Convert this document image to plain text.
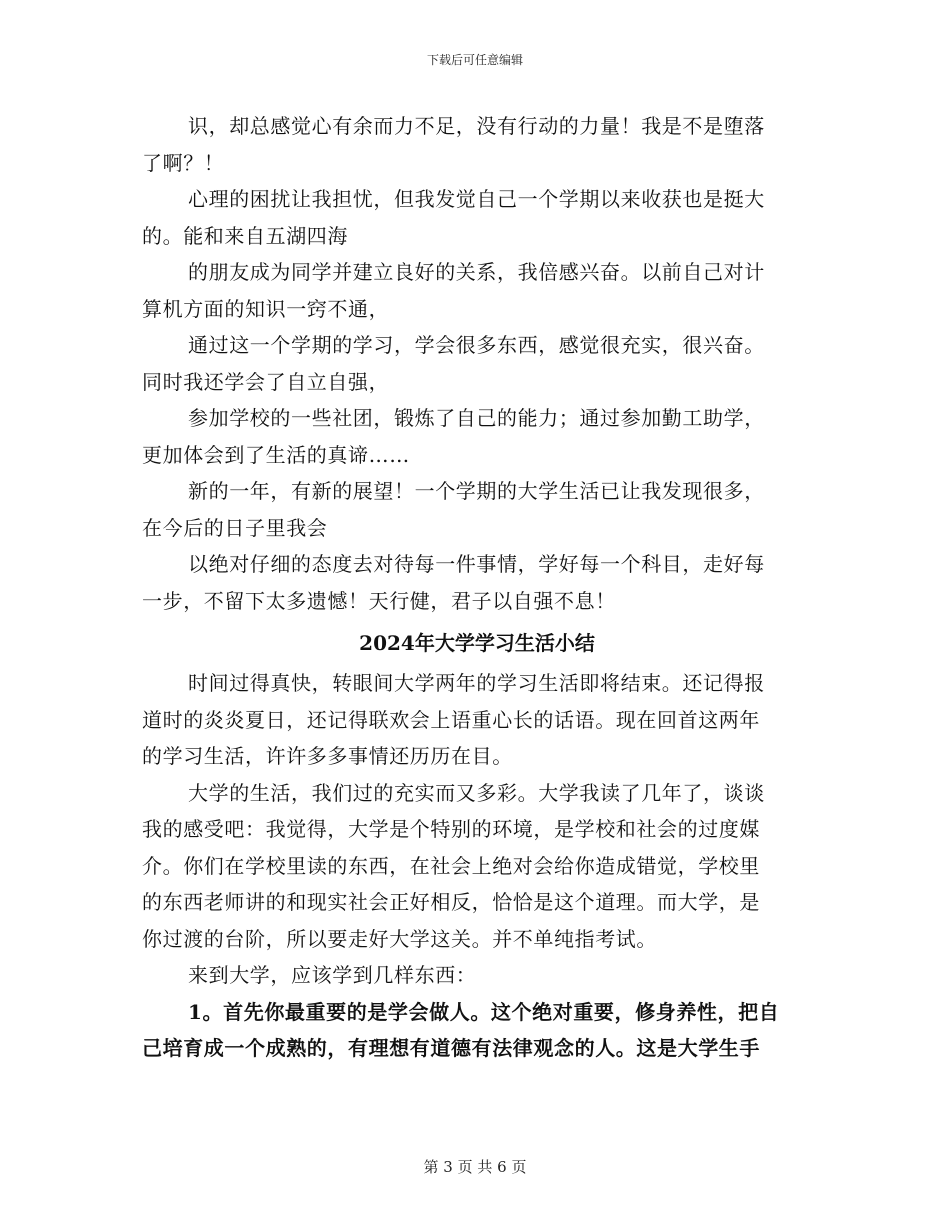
下载后可任意编辑
识，却总感觉心有余而力不足，没有行动的力量！我是不是堕落
了啊？！
心理的困扰让我担忧，但我发觉自己一个学期以来收获也是挺大
的。能和来自五湖四海
的朋友成为同学并建立良好的关系，我倍感兴奋。以前自己对计
算机方面的知识一窍不通，
通过这一个学期的学习，学会很多东西，感觉很充实，很兴奋。
同时我还学会了自立自强，
参加学校的一些社团，锻炼了自己的能力；通过参加勤工助学，
更加体会到了生活的真谛……
新的一年，有新的展望！一个学期的大学生活已让我发现很多，
在今后的日子里我会
以绝对仔细的态度去对待每一件事情，学好每一个科目，走好每
一步，不留下太多遗憾！天行健，君子以自强不息！
2024年大学学习生活小结
时间过得真快，转眼间大学两年的学习生活即将结束。还记得报
道时的炎炎夏日，还记得联欢会上语重心长的话语。现在回首这两年
的学习生活，许许多多事情还历历在目。
大学的生活，我们过的充实而又多彩。大学我读了几年了，谈谈
我的感受吧：我觉得，大学是个特别的环境，是学校和社会的过度媒
介。你们在学校里读的东西，在社会上绝对会给你造成错觉，学校里
的东西老师讲的和现实社会正好相反，恰恰是这个道理。而大学，是
你过渡的台阶，所以要走好大学这关。并不单纯指考试。
来到大学，应该学到几样东西：
1。首先你最重要的是学会做人。这个绝对重要，修身养性，把自
己培育成一个成熟的，有理想有道德有法律观念的人。这是大学生手
第 3 页 共 6 页
